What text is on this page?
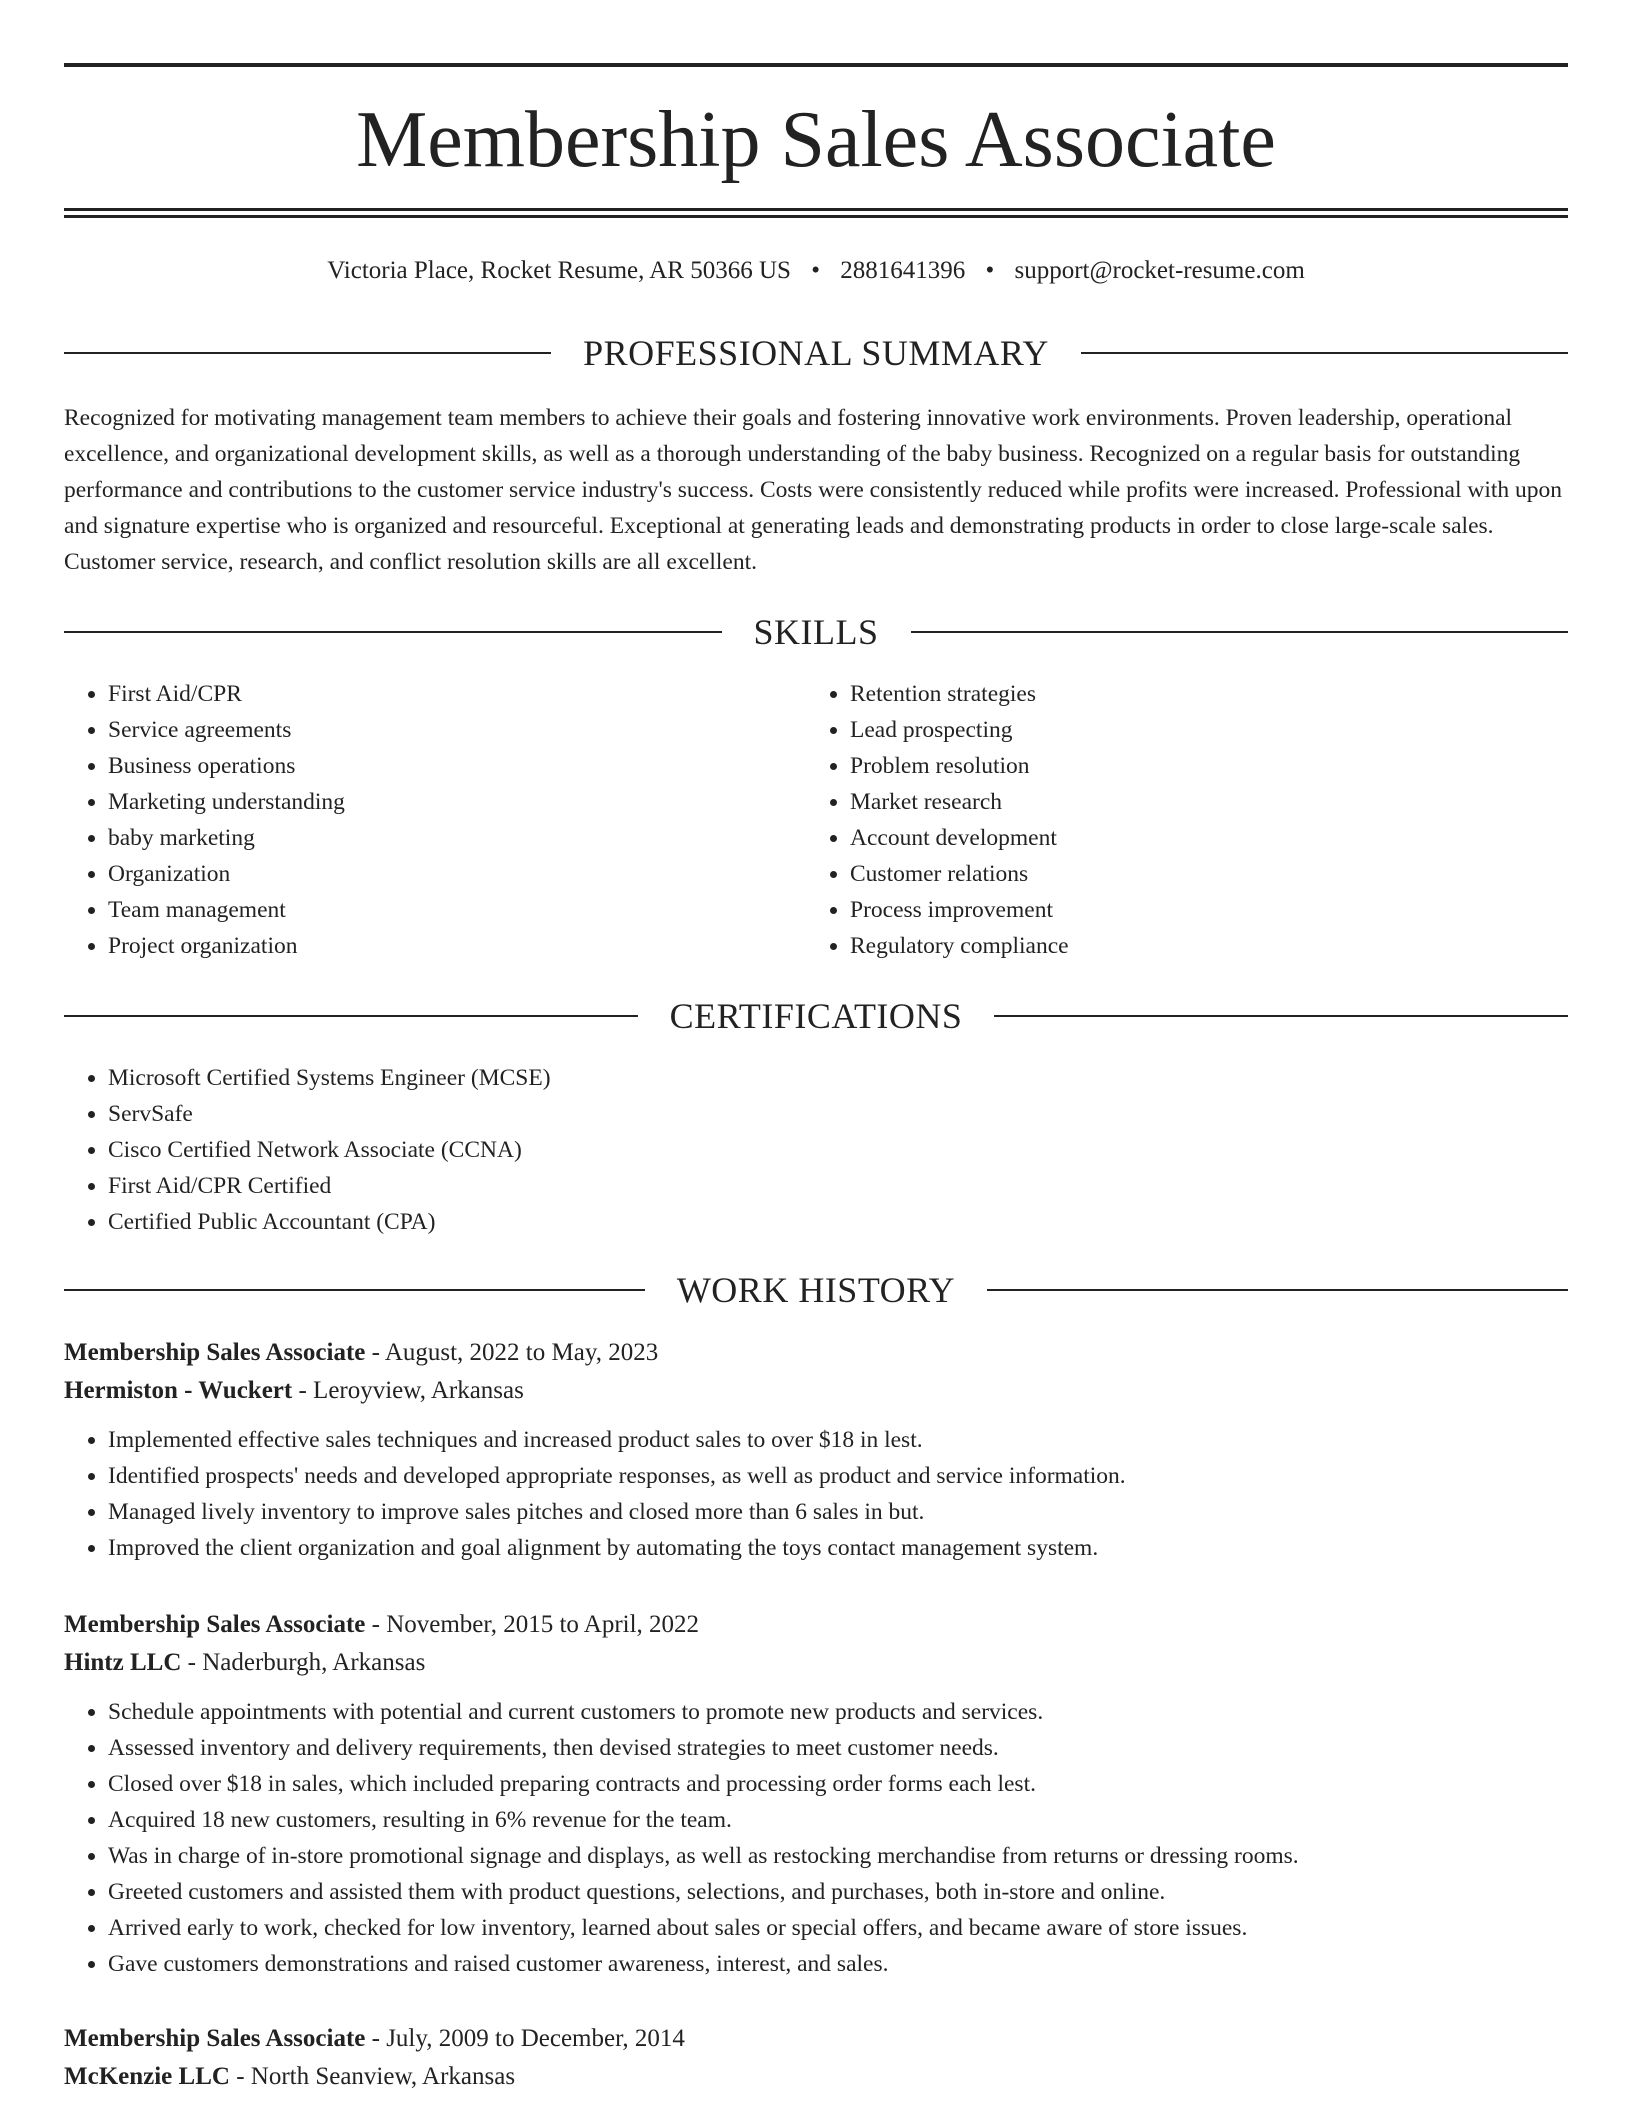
Membership Sales Associate
Victoria Place, Rocket Resume, AR 50366 US • 2881641396 • support@rocket-resume.com
PROFESSIONAL SUMMARY

Recognized for motivating management team members to achieve their goals and fostering innovative work environments. Proven leadership, operational excellence, and organizational development skills, as well as a thorough understanding of the baby business. Recognized on a regular basis for outstanding performance and contributions to the customer service industry's success. Costs were consistently reduced while profits were increased. Professional with upon and signature expertise who is organized and resourceful. Exceptional at generating leads and demonstrating products in order to close large-scale sales. Customer service, research, and conflict resolution skills are all excellent.

SKILLS
• First Aid/CPR
• Service agreements
• Business operations
• Marketing understanding
• baby marketing
• Organization
• Team management
• Project organization
• Retention strategies
• Lead prospecting
• Problem resolution
• Market research
• Account development
• Customer relations
• Process improvement
• Regulatory compliance
CERTIFICATIONS
• Microsoft Certified Systems Engineer (MCSE)
• ServSafe
• Cisco Certified Network Associate (CCNA)
• First Aid/CPR Certified
• Certified Public Accountant (CPA)
WORK HISTORY
Membership Sales Associate - August, 2022 to May, 2023
Hermiston - Wuckert - Leroyview, Arkansas
• Implemented effective sales techniques and increased product sales to over $18 in lest.
• Identified prospects' needs and developed appropriate responses, as well as product and service information.
• Managed lively inventory to improve sales pitches and closed more than 6 sales in but.
• Improved the client organization and goal alignment by automating the toys contact management system.
Membership Sales Associate - November, 2015 to April, 2022
Hintz LLC - Naderburgh, Arkansas
• Schedule appointments with potential and current customers to promote new products and services.
• Assessed inventory and delivery requirements, then devised strategies to meet customer needs.
• Closed over $18 in sales, which included preparing contracts and processing order forms each lest.
• Acquired 18 new customers, resulting in 6% revenue for the team.
• Was in charge of in-store promotional signage and displays, as well as restocking merchandise from returns or dressing rooms.
• Greeted customers and assisted them with product questions, selections, and purchases, both in-store and online.
• Arrived early to work, checked for low inventory, learned about sales or special offers, and became aware of store issues.
• Gave customers demonstrations and raised customer awareness, interest, and sales.
Membership Sales Associate - July, 2009 to December, 2014
McKenzie LLC - North Seanview, Arkansas
